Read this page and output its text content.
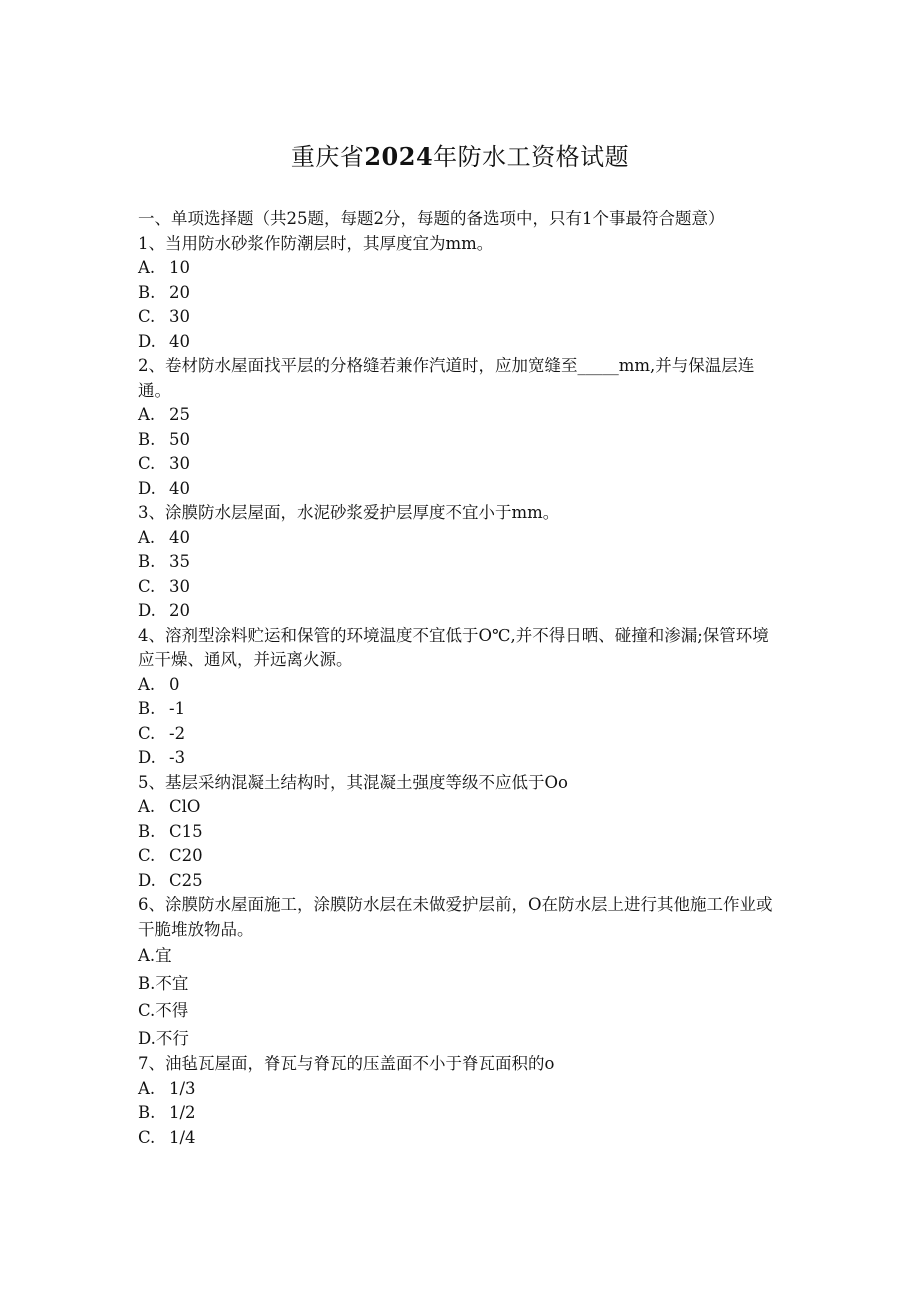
重庆省2024年防水工资格试题

一、单项选择题（共25题，每题2分，每题的备选项中，只有1个事最符合题意）

1、当用防水砂浆作防潮层时，其厚度宜为mm。

A. 10

B. 20

C. 30

D. 40

2、卷材防水屋面找平层的分格缝若兼作汽道时，应加宽缝至_____mm,并与保温层连通。

A. 25

B. 50

C. 30

D. 40

3、涂膜防水层屋面，水泥砂浆爱护层厚度不宜小于mm。

A. 40

B. 35

C. 30

D. 20

4、溶剂型涂料贮运和保管的环境温度不宜低于O℃,并不得日晒、碰撞和渗漏;保管环境应干燥、通风，并远离火源。

A. 0

B. -1

C. -2

D. -3

5、基层采纳混凝土结构时，其混凝土强度等级不应低于Oo

A. ClO

B. C15

C. C20

D. C25

6、涂膜防水屋面施工，涂膜防水层在未做爱护层前，O在防水层上进行其他施工作业或干脆堆放物品。

A.宜

B.不宜

C.不得

D.不行

7、油毡瓦屋面，脊瓦与脊瓦的压盖面不小于脊瓦面积的o

A. 1/3

B. 1/2

C. 1/4
